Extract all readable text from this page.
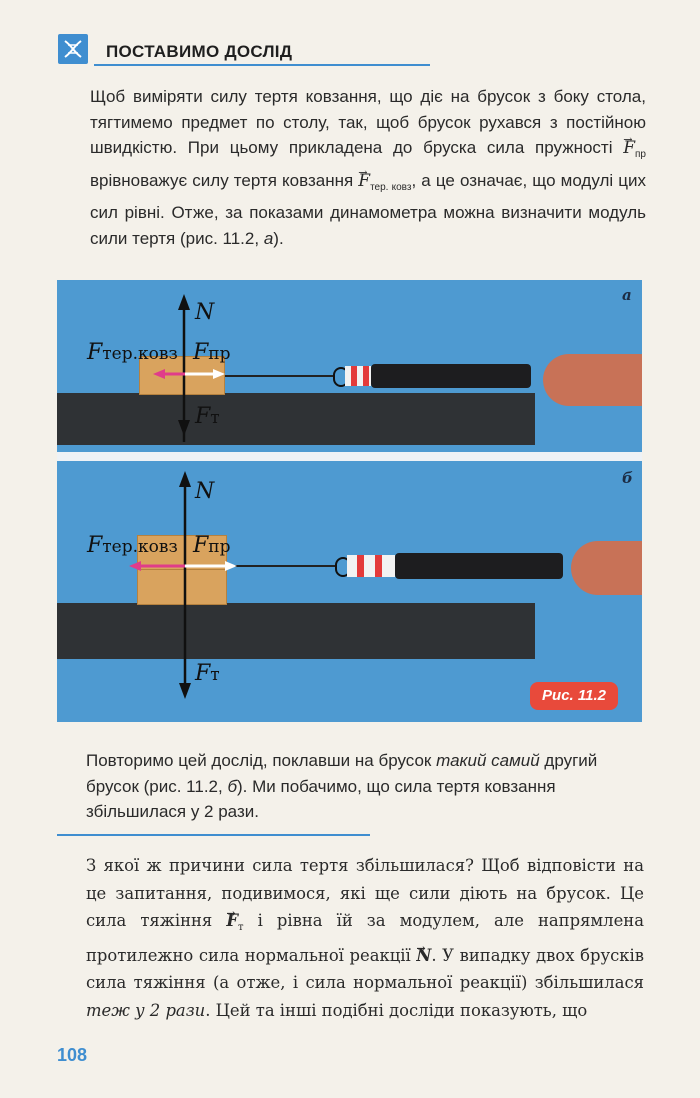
ПОСТАВИМО ДОСЛІД
Щоб виміряти силу тертя ковзання, що діє на брусок з боку стола, тягтимемо предмет по столу, так, щоб брусок рухався з постійною швидкістю. При цьому прикладена до бруска сила пружності → $F_{пр}$ врівноважує силу тертя ковзання → $F_{тер. ковз}$, а це означає, що модулі цих сил рівні. Отже, за показами динамометра можна визначити модуль сили тертя (рис. 11.2, а).
а
N
Fтер.ковз Fпр
Fт
б
N
Fтер.ковз Fпр
Fт
Рис. 11.2
Повторимо цей дослід, поклавши на брусок такий самий другий брусок (рис. 11.2, б). Ми побачимо, що сила тертя ковзання збільшилася у 2 рази.
З якої ж причини сила тертя збільшилася? Щоб відповісти на це запитання, подивимося, які ще сили діють на брусок. Це сила тяжіння → $F_т$ і рівна їй за модулем, але напрямлена протилежно сила нормальної реакції → N. У випадку двох брусків сила тяжіння (а отже, і сила нормальної реакції) збільшилася теж у 2 рази. Цей та інші подібні досліди показують, що
108
